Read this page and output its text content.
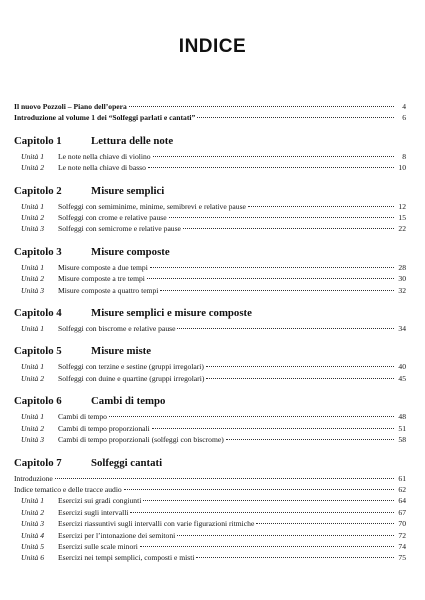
INDICE
Il nuovo Pozzoli – Piano dell’opera	4
Introduzione al volume 1 dei “Solfeggi parlati e cantati”	6
Capitolo 1	Lettura delle note
Unità 1	Le note nella chiave di violino	8
Unità 2	Le note nella chiave di basso	10
Capitolo 2	Misure semplici
Unità 1	Solfeggi con semiminime, minime, semibrevi e relative pause	12
Unità 2	Solfeggi con crome e relative pause	15
Unità 3	Solfeggi con semicrome e relative pause	22
Capitolo 3	Misure composte
Unità 1	Misure composte a due tempi	28
Unità 2	Misure composte a tre tempi	30
Unità 3	Misure composte a quattro tempi	32
Capitolo 4	Misure semplici e misure composte
Unità 1	Solfeggi con biscrome e relative pause	34
Capitolo 5	Misure miste
Unità 1	Solfeggi con terzine e sestine (gruppi irregolari)	40
Unità 2	Solfeggi con duine e quartine (gruppi irregolari)	45
Capitolo 6	Cambi di tempo
Unità 1	Cambi di tempo	48
Unità 2	Cambi di tempo proporzionali	51
Unità 3	Cambi di tempo proporzionali (solfeggi con biscrome)	58
Capitolo 7	Solfeggi cantati
Introduzione	61
Indice tematico e delle tracce audio	62
Unità 1	Esercizi sui gradi congiunti	64
Unità 2	Esercizi sugli intervalli	67
Unità 3	Esercizi riassuntivi sugli intervalli con varie figurazioni ritmiche	70
Unità 4	Esercizi per l’intonazione dei semitoni	72
Unità 5	Esercizi sulle scale minori	74
Unità 6	Esercizi nei tempi semplici, composti e misti	75
